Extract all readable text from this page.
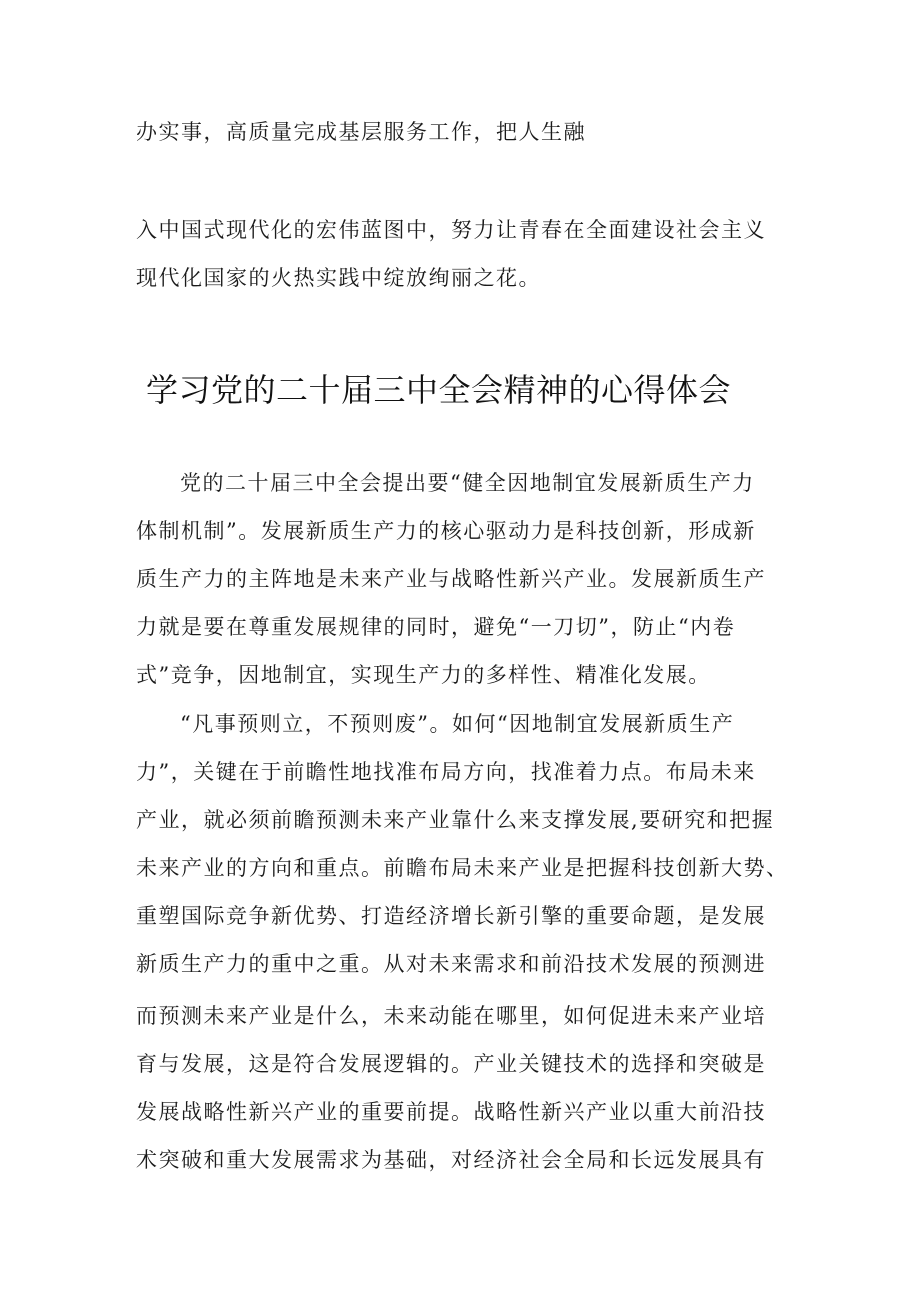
办实事，高质量完成基层服务工作，把人生融
入中国式现代化的宏伟蓝图中，努力让青春在全面建设社会主义
现代化国家的火热实践中绽放绚丽之花。
学习党的二十届三中全会精神的心得体会
党的二十届三中全会提出要“健全因地制宜发展新质生产力
体制机制”。发展新质生产力的核心驱动力是科技创新，形成新
质生产力的主阵地是未来产业与战略性新兴产业。发展新质生产
力就是要在尊重发展规律的同时，避免“一刀切”，防止“内卷
式”竞争，因地制宜，实现生产力的多样性、精准化发展。
“凡事预则立，不预则废”。如何“因地制宜发展新质生产
力”，关键在于前瞻性地找准布局方向，找准着力点。布局未来
产业，就必须前瞻预测未来产业靠什么来支撑发展,要研究和把握
未来产业的方向和重点。前瞻布局未来产业是把握科技创新大势、
重塑国际竞争新优势、打造经济增长新引擎的重要命题，是发展
新质生产力的重中之重。从对未来需求和前沿技术发展的预测进
而预测未来产业是什么，未来动能在哪里，如何促进未来产业培
育与发展，这是符合发展逻辑的。产业关键技术的选择和突破是
发展战略性新兴产业的重要前提。战略性新兴产业以重大前沿技
术突破和重大发展需求为基础，对经济社会全局和长远发展具有
